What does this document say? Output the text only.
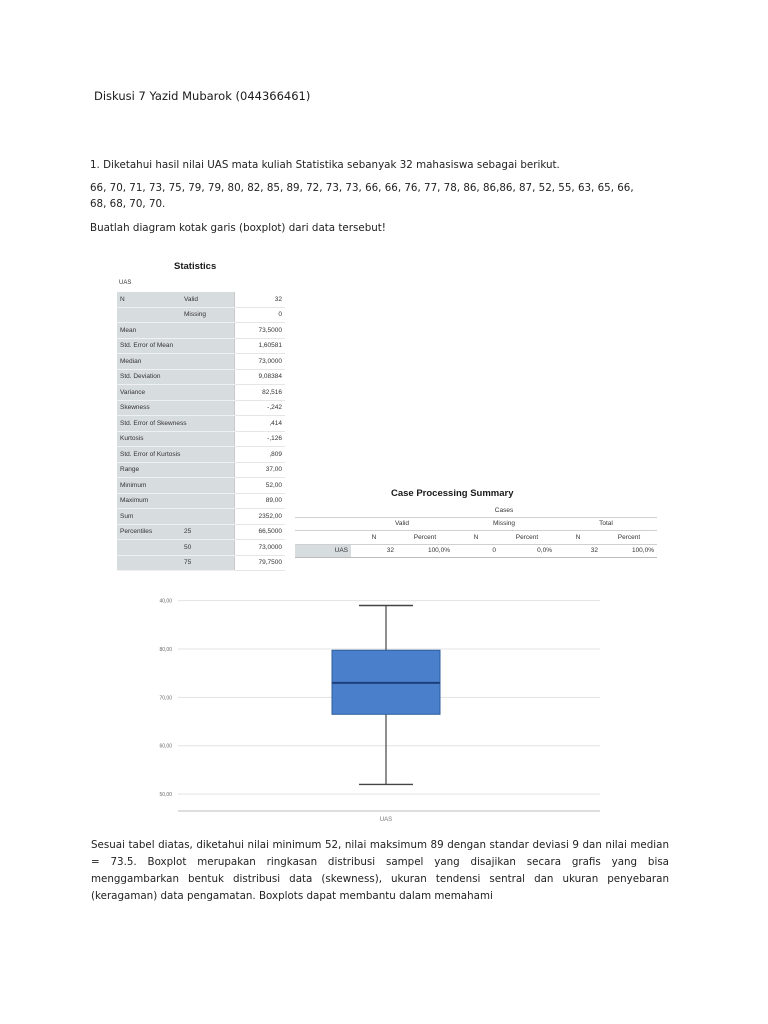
Diskusi 7 Yazid Mubarok (044366461)

1. Diketahui hasil nilai UAS mata kuliah Statistika sebanyak 32 mahasiswa sebagai berikut.

66, 70, 71, 73, 75, 79, 79, 80, 82, 85, 89, 72, 73, 73, 66, 66, 76, 77, 78, 86, 86,86, 87, 52, 55, 63, 65, 66, 68, 68, 70, 70.

Buatlah diagram kotak garis (boxplot) dari data tersebut!

Statistics
UAS
N	Valid	32
	Missing	0
Mean		73,5000
Std. Error of Mean		1,60581
Median		73,0000
Std. Deviation		9,08384
Variance		82,516
Skewness		-,242
Std. Error of Skewness		,414
Kurtosis		-,126
Std. Error of Kurtosis		,809
Range		37,00
Minimum		52,00
Maximum		89,00
Sum		2352,00
Percentiles	25	66,5000
	50	73,0000
	75	79,7500
Case Processing Summary
	Cases					
	Valid		Missing		Total	
	N	Percent	N	Percent	N	Percent
UAS	32	100,0%	0	0,0%	32	100,0%
40,00
80,00
70,00
60,00
50,00
UAS
Sesuai tabel diatas, diketahui nilai minimum 52, nilai maksimum 89 dengan standar deviasi 9 dan nilai median = 73.5. Boxplot merupakan ringkasan distribusi sampel yang disajikan secara grafis yang bisa menggambarkan bentuk distribusi data (skewness), ukuran tendensi sentral dan ukuran penyebaran (keragaman) data pengamatan. Boxplots dapat membantu dalam memahami
